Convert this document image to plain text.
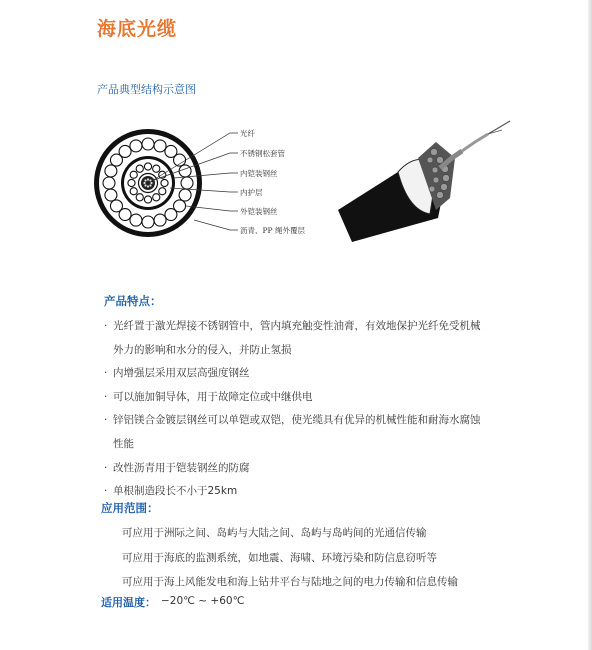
海底光缆
产品典型结构示意图
光纤
不锈钢松套管
内铠装钢丝
内护层
外铠装钢丝
沥青、PP 绳外覆层
产品特点：
· 光纤置于激光焊接不锈钢管中，管内填充触变性油膏，有效地保护光纤免受机械
外力的影响和水分的侵入，并防止氢损
· 内增强层采用双层高强度钢丝
· 可以施加铜导体，用于故障定位或中继供电
· 锌铝镁合金镀层钢丝可以单铠或双铠，使光缆具有优异的机械性能和耐海水腐蚀
性能
· 改性沥青用于铠装钢丝的防腐
· 单根制造段长不小于25km
应用范围：
可应用于洲际之间、岛屿与大陆之间、岛屿与岛屿间的光通信传输
可应用于海底的监测系统，如地震、海啸、环境污染和防信息窃听等
可应用于海上风能发电和海上钻井平台与陆地之间的电力传输和信息传输
适用温度： −20℃ ~ +60℃
